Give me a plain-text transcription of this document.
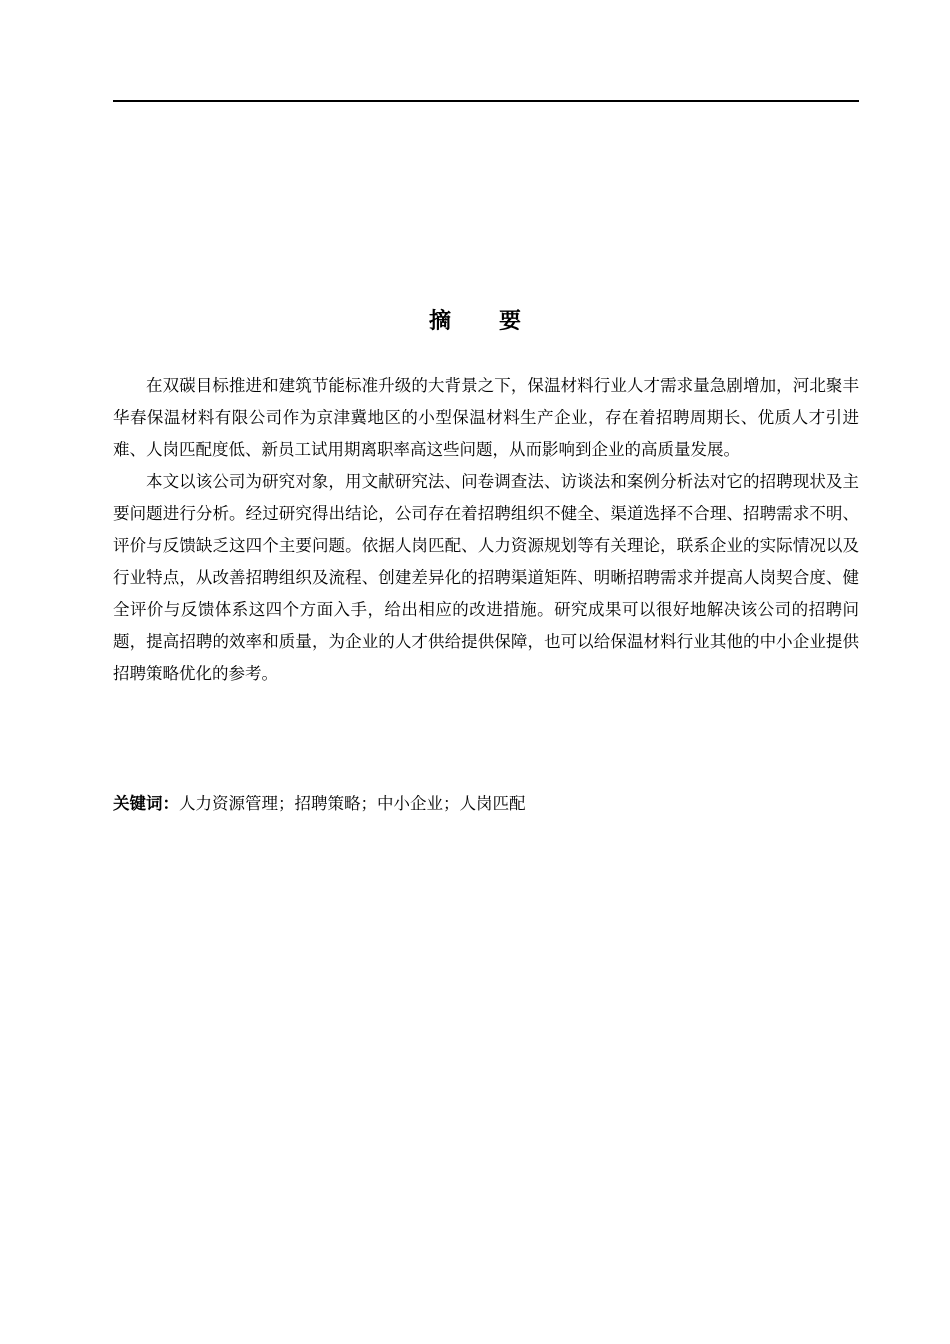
摘 要

在双碳目标推进和建筑节能标准升级的大背景之下，保温材料行业人才需求量急剧增加，河北聚丰华春保温材料有限公司作为京津冀地区的小型保温材料生产企业，存在着招聘周期长、优质人才引进难、人岗匹配度低、新员工试用期离职率高这些问题，从而影响到企业的高质量发展。

本文以该公司为研究对象，用文献研究法、问卷调查法、访谈法和案例分析法对它的招聘现状及主要问题进行分析。经过研究得出结论，公司存在着招聘组织不健全、渠道选择不合理、招聘需求不明、评价与反馈缺乏这四个主要问题。依据人岗匹配、人力资源规划等有关理论，联系企业的实际情况以及行业特点，从改善招聘组织及流程、创建差异化的招聘渠道矩阵、明晰招聘需求并提高人岗契合度、健全评价与反馈体系这四个方面入手，给出相应的改进措施。研究成果可以很好地解决该公司的招聘问题，提高招聘的效率和质量，为企业的人才供给提供保障，也可以给保温材料行业其他的中小企业提供招聘策略优化的参考。

关键词：人力资源管理；招聘策略；中小企业；人岗匹配
